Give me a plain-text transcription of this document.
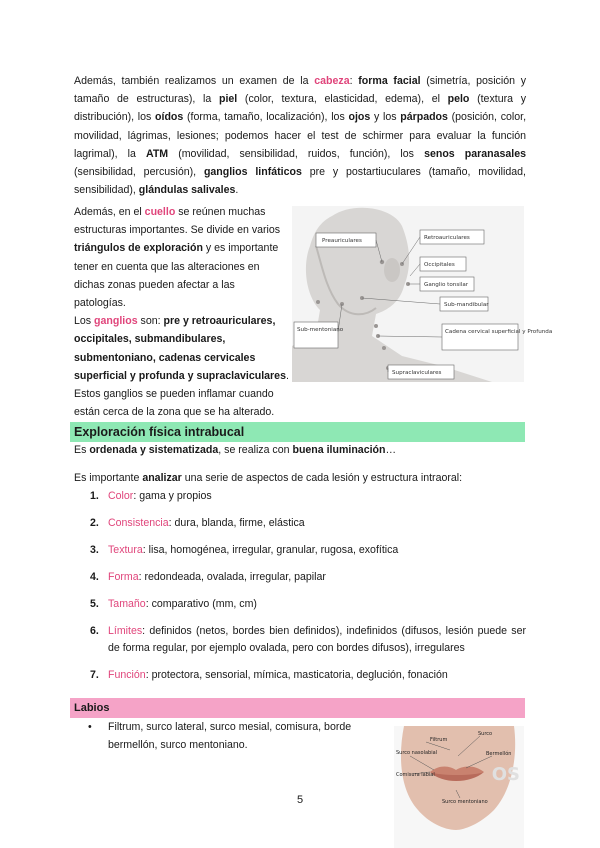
Además, también realizamos un examen de la cabeza: forma facial (simetría, posición y tamaño de estructuras), la piel (color, textura, elasticidad, edema), el pelo (textura y distribución), los oídos (forma, tamaño, localización), los ojos y los párpados (posición, color, movilidad, lágrimas, lesiones; podemos hacer el test de schirmer para evaluar la función lagrimal), la ATM (movilidad, sensibilidad, ruidos, función), los senos paranasales (sensibilidad, percusión), ganglios linfáticos pre y postartiuculares (tamaño, movilidad, sensibilidad), glándulas salivales.
Además, en el cuello se reúnen muchas estructuras importantes. Se divide en varios triángulos de exploración y es importante tener en cuenta que las alteraciones en dichas zonas pueden afectar a las patologías.
Los ganglios son: pre y retroauriculares, occipitales, submandibulares, submentoniano, cadenas cervicales superficial y profunda y supraclaviculares. Estos ganglios se pueden inflamar cuando están cerca de la zona que se ha alterado.
Preauriculares	Retroauriculares
Occipitales
Ganglio tonsilar
Sub-mandibular
Sub-mentoniano	Cadena cervical superficial y Profunda
Supraclaviculares
Exploración física intrabucal
Es ordenada y sistematizada, se realiza con buena iluminación…
Es importante analizar una serie de aspectos de cada lesión y estructura intraoral:
1. Color: gama y propios
2. Consistencia: dura, blanda, firme, elástica
3. Textura: lisa, homogénea, irregular, granular, rugosa, exofítica
4. Forma: redondeada, ovalada, irregular, papilar
5. Tamaño: comparativo (mm, cm)
6. Límites: definidos (netos, bordes bien definidos), indefinidos (difusos, lesión puede ser de forma regular, por ejemplo ovalada, pero con bordes difusos), irregulares
7. Función: protectora, sensorial, mímica, masticatoria, deglución, fonación
Labios
• Filtrum, surco lateral, surco mesial, comisura, borde bermellón, surco mentoniano.
OS
Filtrum
Surco
Surco nasolabial	Bermellón
Comisura labial
Surco mentoniano
5
